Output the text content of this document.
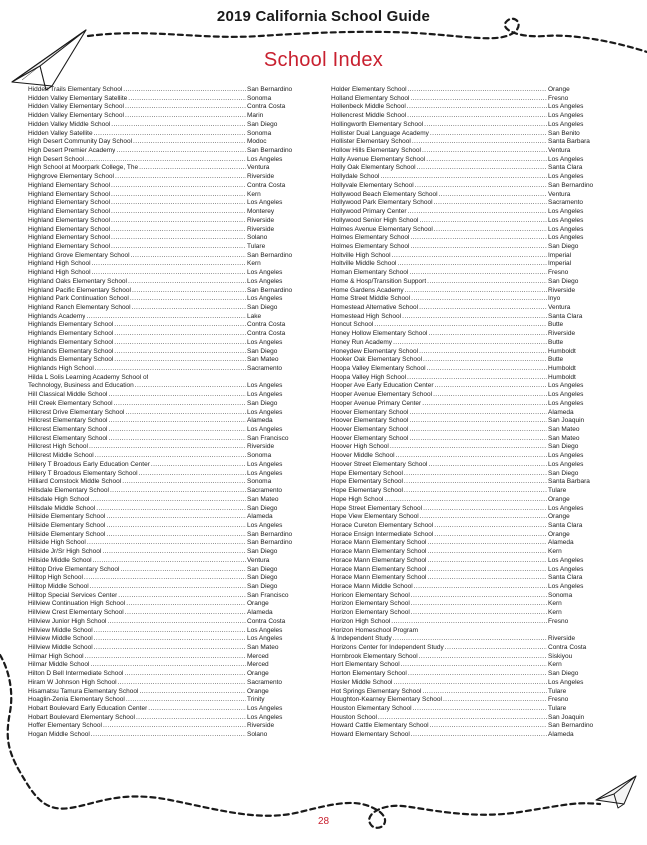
2019 California School Guide
School Index
Hidden Trails Elementary School .....	San Bernardino
Hidden Valley Elementary Satellite .....	Sonoma
Hidden Valley Elementary School .....	Contra Costa
Hidden Valley Elementary School .....	Marin
Hidden Valley Middle School .....	San Diego
Hidden Valley Satellite .....	Sonoma
High Desert Community Day School .....	Modoc
High Desert Premier Academy .....	San Bernardino
High Desert School .....	Los Angeles
High School at Moorpark College, The .....	Ventura
Highgrove Elementary School .....	Riverside
Highland Elementary School .....	Contra Costa
Highland Elementary School .....	Kern
Highland Elementary School .....	Los Angeles
Highland Elementary School .....	Monterey
Highland Elementary School .....	Riverside
Highland Elementary School .....	Riverside
Highland Elementary School .....	Solano
Highland Elementary School .....	Tulare
Highland Grove Elementary School .....	San Bernardino
Highland High School .....	Kern
Highland High School .....	Los Angeles
Highland Oaks Elementary School .....	Los Angeles
Highland Pacific Elementary School .....	San Bernardino
Highland Park Continuation School .....	Los Angeles
Highland Ranch Elementary School .....	San Diego
Highlands Academy .....	Lake
Highlands Elementary School .....	Contra Costa
Highlands Elementary School .....	Contra Costa
Highlands Elementary School .....	Los Angeles
Highlands Elementary School .....	San Diego
Highlands Elementary School .....	San Mateo
Highlands High School .....	Sacramento
Hilda L Solis Learning Academy School of
Technology, Business and Education .....	Los Angeles
Hill Classical Middle School .....	Los Angeles
Hill Creek Elementary School .....	San Diego
Hillcrest Drive Elementary School .....	Los Angeles
Hillcrest Elementary School .....	Alameda
Hillcrest Elementary School .....	Los Angeles
Hillcrest Elementary School .....	San Francisco
Hillcrest High School .....	Riverside
Hillcrest Middle School .....	Sonoma
Hillery T Broadous Early Education Center .....	Los Angeles
Hillery T Broadous Elementary School .....	Los Angeles
Hilliard Comstock Middle School .....	Sonoma
Hillsdale Elementary School .....	Sacramento
Hillsdale High School .....	San Mateo
Hillsdale Middle School .....	San Diego
Hillside Elementary School .....	Alameda
Hillside Elementary School .....	Los Angeles
Hillside Elementary School .....	San Bernardino
Hillside High School .....	San Bernardino
Hillside Jr/Sr High School .....	San Diego
Hillside Middle School .....	Ventura
Hilltop Drive Elementary School .....	San Diego
Hilltop High School .....	San Diego
Hilltop Middle School .....	San Diego
Hilltop Special Services Center .....	San Francisco
Hillview Continuation High School .....	Orange
Hillview Crest Elementary School .....	Alameda
Hillview Junior High School .....	Contra Costa
Hillview Middle School .....	Los Angeles
Hillview Middle School .....	Los Angeles
Hillview Middle School .....	San Mateo
Hilmar High School .....	Merced
Hilmar Middle School .....	Merced
Hilton D Bell Intermediate School .....	Orange
Hiram W Johnson High School .....	Sacramento
Hisamatsu Tamura Elementary School .....	Orange
Hoaglin-Zenia Elementary School .....	Trinity
Hobart Boulevard Early Education Center .....	Los Angeles
Hobart Boulevard Elementary School .....	Los Angeles
Hoffer Elementary School .....	Riverside
Hogan Middle School .....	Solano
Holder Elementary School .....	Orange
Holland Elementary School .....	Fresno
Hollenbeck Middle School .....	Los Angeles
Hollencrest Middle School .....	Los Angeles
Hollingworth Elementary School .....	Los Angeles
Hollister Dual Language Academy .....	San Benito
Hollister Elementary School .....	Santa Barbara
Hollow Hills Elementary School .....	Ventura
Holly Avenue Elementary School .....	Los Angeles
Holly Oak Elementary School .....	Santa Clara
Hollydale School .....	Los Angeles
Hollyvale Elementary School .....	San Bernardino
Hollywood Beach Elementary School .....	Ventura
Hollywood Park Elementary School .....	Sacramento
Hollywood Primary Center .....	Los Angeles
Hollywood Senior High School .....	Los Angeles
Holmes Avenue Elementary School .....	Los Angeles
Holmes Elementary School .....	Los Angeles
Holmes Elementary School .....	San Diego
Holtville High School .....	Imperial
Holtville Middle School .....	Imperial
Homan Elementary School .....	Fresno
Home & Hosp/Transition Support .....	San Diego
Home Gardens Academy .....	Riverside
Home Street Middle School .....	Inyo
Homestead Alternative School .....	Ventura
Homestead High School .....	Santa Clara
Honcut School .....	Butte
Honey Hollow Elementary School .....	Riverside
Honey Run Academy .....	Butte
Honeydew Elementary School .....	Humboldt
Hooker Oak Elementary School .....	Butte
Hoopa Valley Elementary School .....	Humboldt
Hoopa Valley High School .....	Humboldt
Hooper Ave Early Education Center .....	Los Angeles
Hooper Avenue Elementary School .....	Los Angeles
Hooper Avenue Primary Center .....	Los Angeles
Hoover Elementary School .....	Alameda
Hoover Elementary School .....	San Joaquin
Hoover Elementary School .....	San Mateo
Hoover Elementary School .....	San Mateo
Hoover High School .....	San Diego
Hoover Middle School .....	Los Angeles
Hoover Street Elementary School .....	Los Angeles
Hope Elementary School .....	San Diego
Hope Elementary School .....	Santa Barbara
Hope Elementary School .....	Tulare
Hope High School .....	Orange
Hope Street Elementary School .....	Los Angeles
Hope View Elementary School .....	Orange
Horace Cureton Elementary School .....	Santa Clara
Horace Ensign Intermediate School .....	Orange
Horace Mann Elementary School .....	Alameda
Horace Mann Elementary School .....	Kern
Horace Mann Elementary School .....	Los Angeles
Horace Mann Elementary School .....	Los Angeles
Horace Mann Elementary School .....	Santa Clara
Horace Mann Middle School .....	Los Angeles
Horicon Elementary School .....	Sonoma
Horizon Elementary School .....	Kern
Horizon Elementary School .....	Kern
Horizon High School .....	Fresno
Horizon Homeschool Program
& Independent Study .....	Riverside
Horizons Center for Independent Study .....	Contra Costa
Hornbrook Elementary School .....	Siskiyou
Hort Elementary School .....	Kern
Horton Elementary School .....	San Diego
Hosler Middle School .....	Los Angeles
Hot Springs Elementary School .....	Tulare
Houghton-Kearney Elementary School .....	Fresno
Houston Elementary School .....	Tulare
Houston School .....	San Joaquin
Howard Cattle Elementary School .....	San Bernardino
Howard Elementary School .....	Alameda
28
